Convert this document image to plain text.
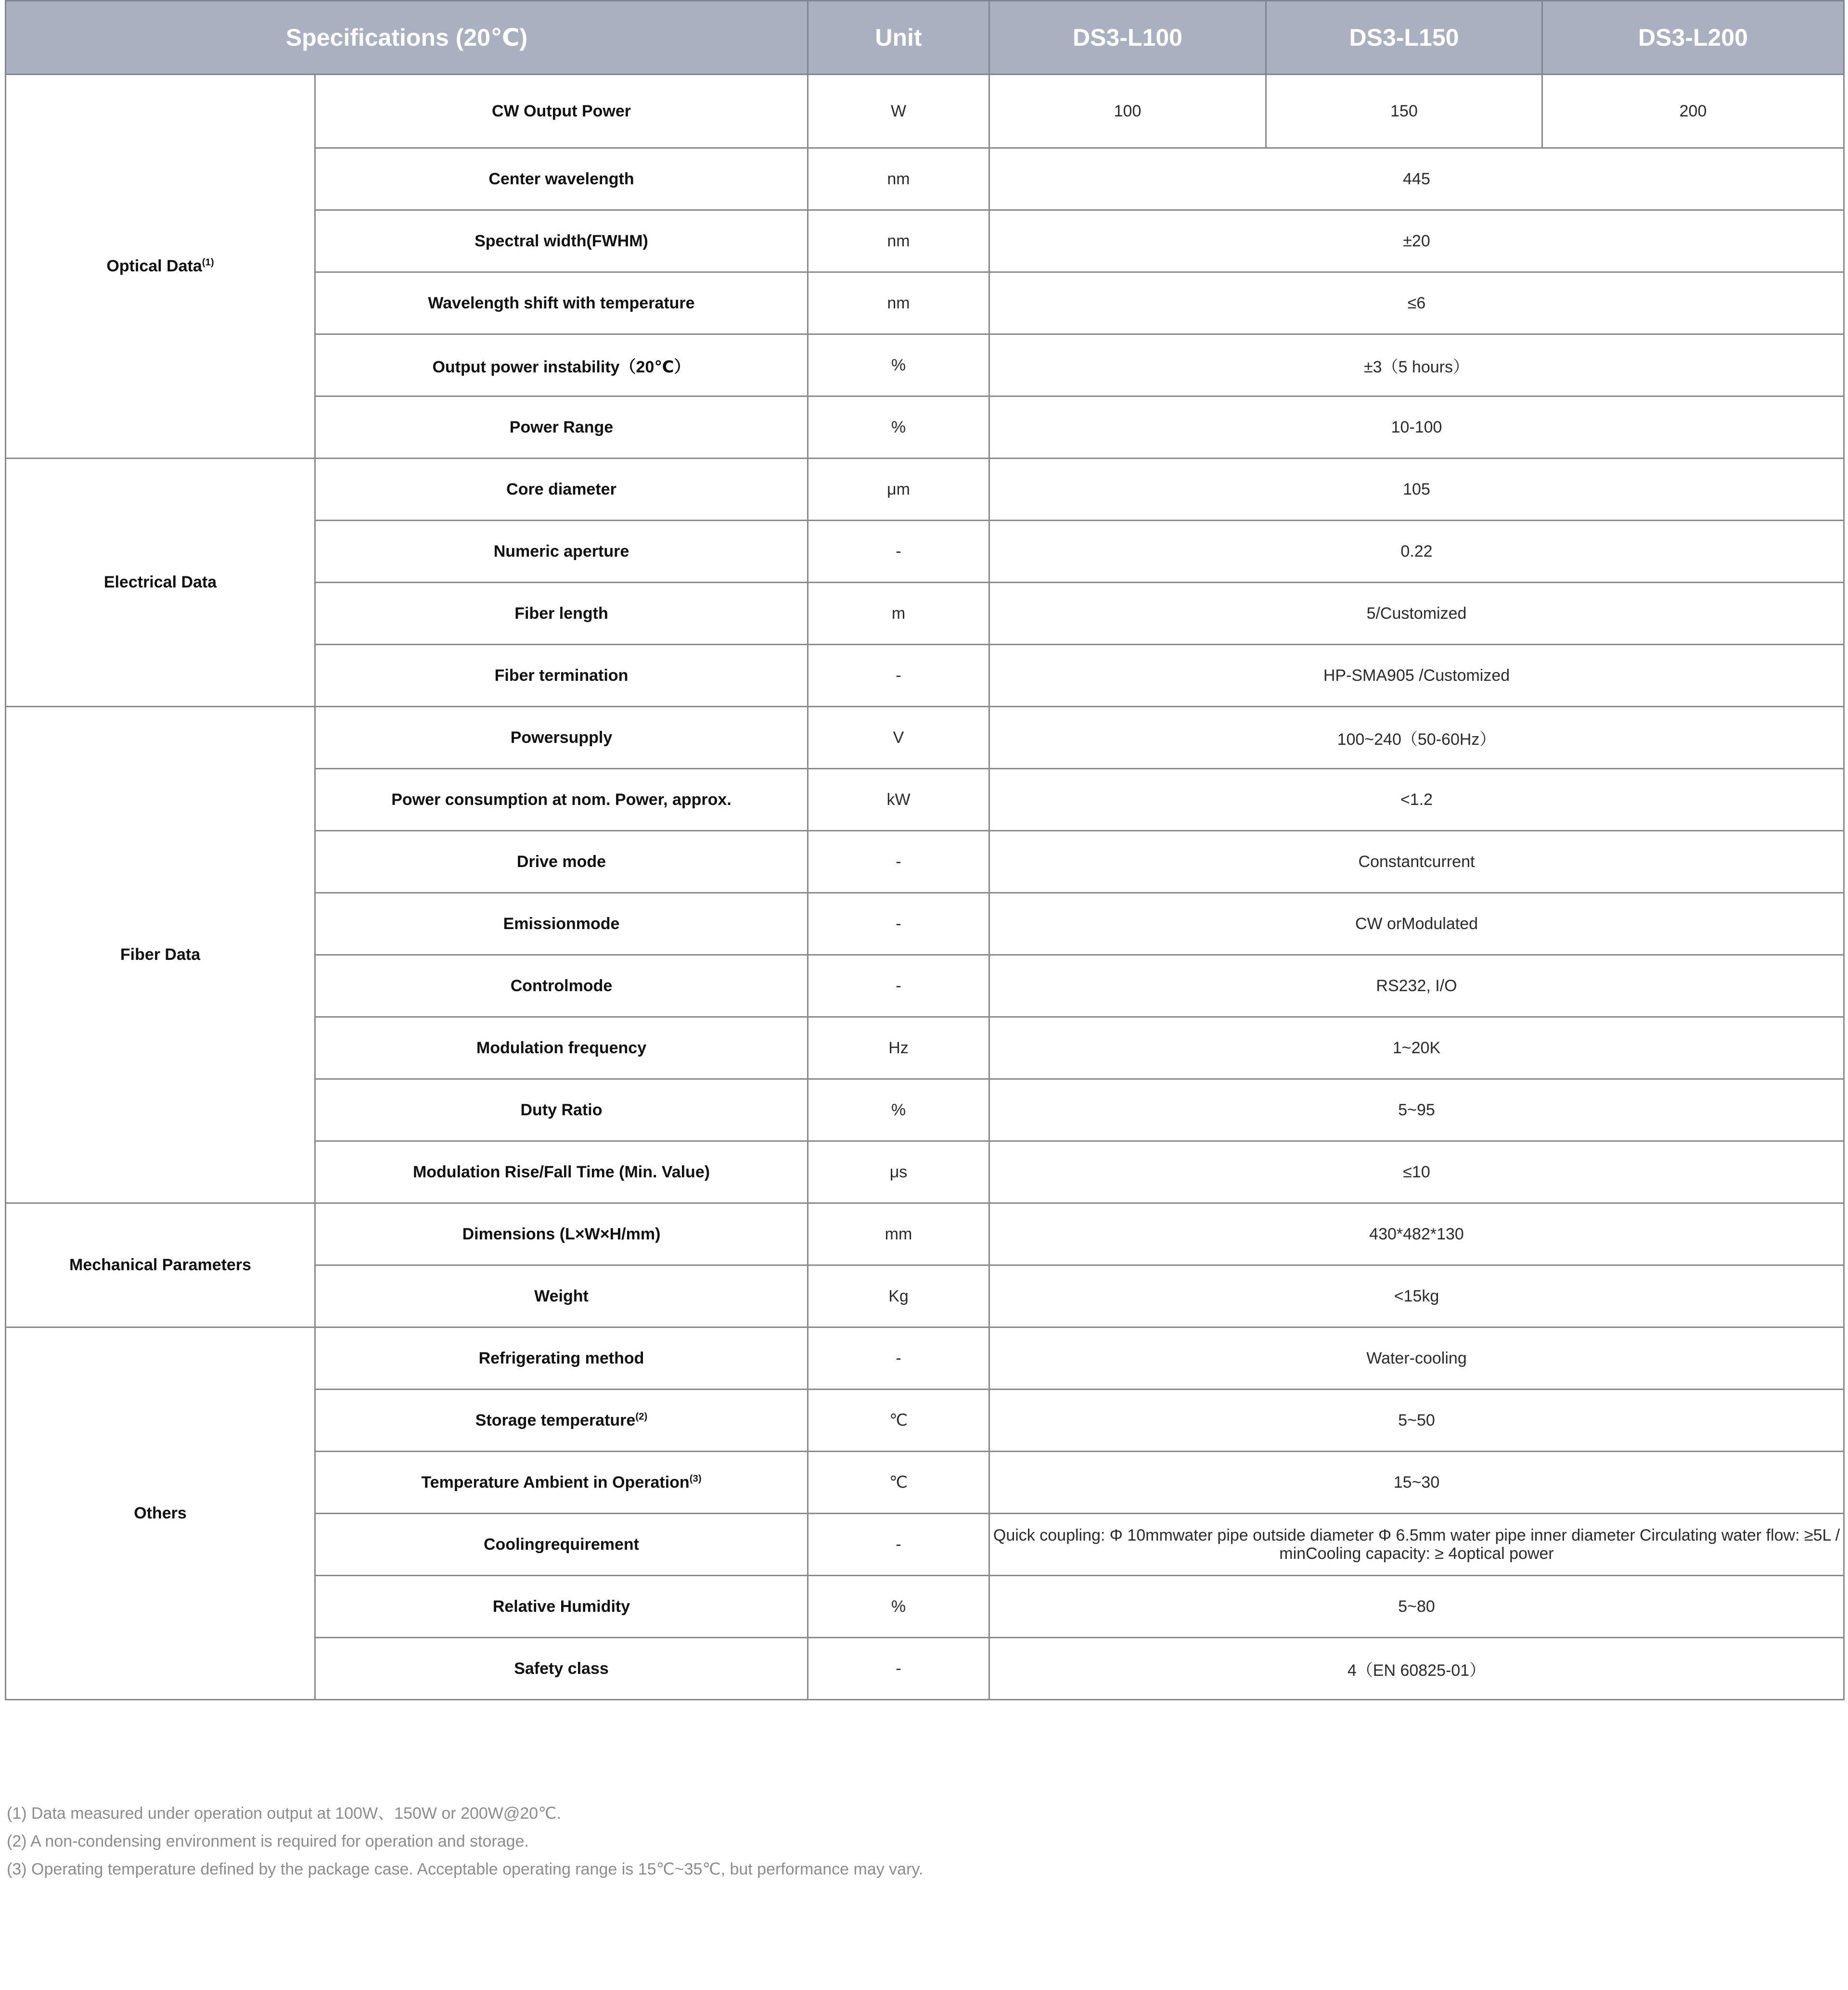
Specifications (20℃)		Unit	DS3-L100	DS3-L150	DS3-L200
Optical Data$^{(1)}$	CW Output Power	W	100	150	200
	Center wavelength	nm	445		
	Spectral width(FWHM)	nm	±20		
	Wavelength shift with temperature	nm	≤6		
	Output power instability（20℃）	%	±3（5 hours）		
	Power Range	%	10-100		
Electrical Data	Core diameter	μm	105		
	Numeric aperture	-	0.22		
	Fiber length	m	5/Customized		
	Fiber termination	-	HP-SMA905 /Customized		
Fiber Data	Powersupply	V	100~240（50-60Hz）		
	Power consumption at nom. Power, approx.	kW	<1.2		
	Drive mode	-	Constantcurrent		
	Emissionmode	-	CW orModulated		
	Controlmode	-	RS232, I/O		
	Modulation frequency	Hz	1~20K		
	Duty Ratio	%	5~95		
	Modulation Rise/Fall Time (Min. Value)	μs	≤10		
Mechanical Parameters	Dimensions (L×W×H/mm)	mm	430*482*130		
	Weight	Kg	<15kg		
Others	Refrigerating method	-	Water-cooling		
	Storage temperature$^{(2)}$	℃	5~50		
	Temperature Ambient in Operation$^{(3)}$	℃	15~30		
	Coolingrequirement	-	Quick coupling: Φ 10mmwater pipe outside diameter Φ 6.5mm water pipe inner diameter Circulating water flow: ≥5L / minCooling capacity: ≥ 4optical power		
	Relative Humidity	%	5~80		
	Safety class	-	4（EN 60825-01）		
(1) Data measured under operation output at 100W、150W or 200W@20℃.
(2) A non-condensing environment is required for operation and storage.
(3) Operating temperature defined by the package case. Acceptable operating range is 15℃~35℃, but performance may vary.
